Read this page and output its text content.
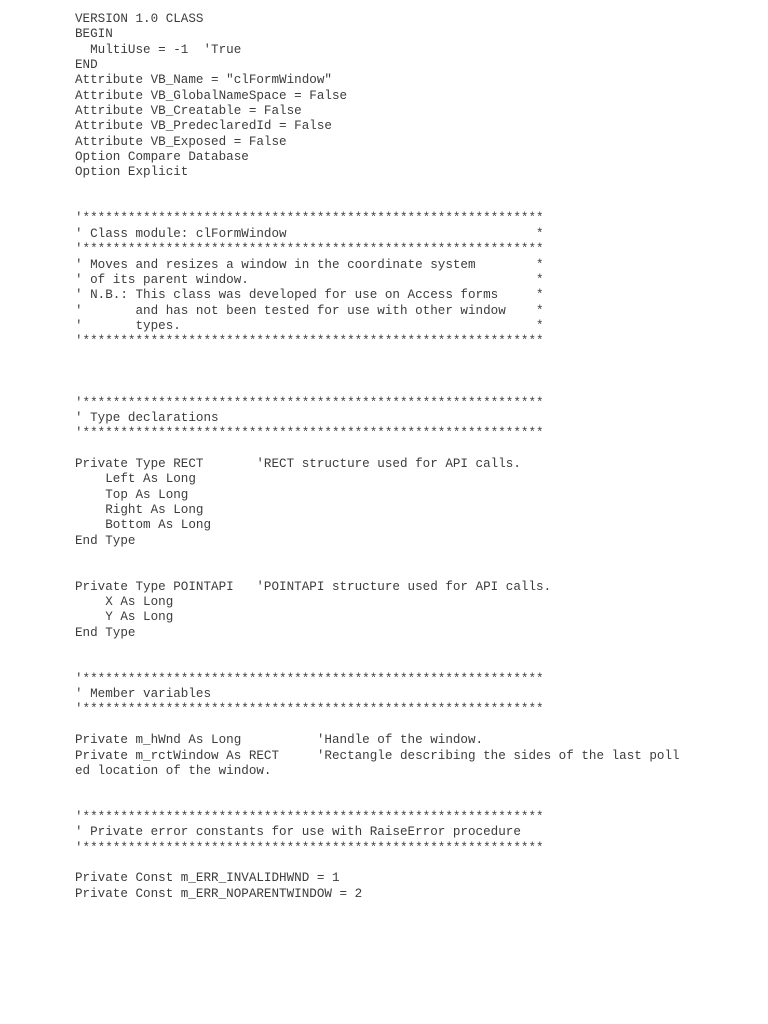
VERSION 1.0 CLASS
BEGIN
MultiUse = -1  'True
END
Attribute VB_Name = "clFormWindow"
Attribute VB_GlobalNameSpace = False
Attribute VB_Creatable = False
Attribute VB_PredeclaredId = False
Attribute VB_Exposed = False
Option Compare Database
Option Explicit
'*************************************************************
' Class module: clFormWindow                                 *
'*************************************************************
' Moves and resizes a window in the coordinate system        *
' of its parent window.                                      *
' N.B.: This class was developed for use on Access forms     *
'       and has not been tested for use with other window    *
'       types.                                               *
'*************************************************************
'*************************************************************
' Type declarations
'*************************************************************
Private Type RECT       'RECT structure used for API calls.
Left As Long
Top As Long
Right As Long
Bottom As Long
End Type
Private Type POINTAPI   'POINTAPI structure used for API calls.
X As Long
Y As Long
End Type
'*************************************************************
' Member variables
'*************************************************************
Private m_hWnd As Long          'Handle of the window.
Private m_rctWindow As RECT     'Rectangle describing the sides of the last poll
ed location of the window.
'*************************************************************
' Private error constants for use with RaiseError procedure
'*************************************************************
Private Const m_ERR_INVALIDHWND = 1
Private Const m_ERR_NOPARENTWINDOW = 2
